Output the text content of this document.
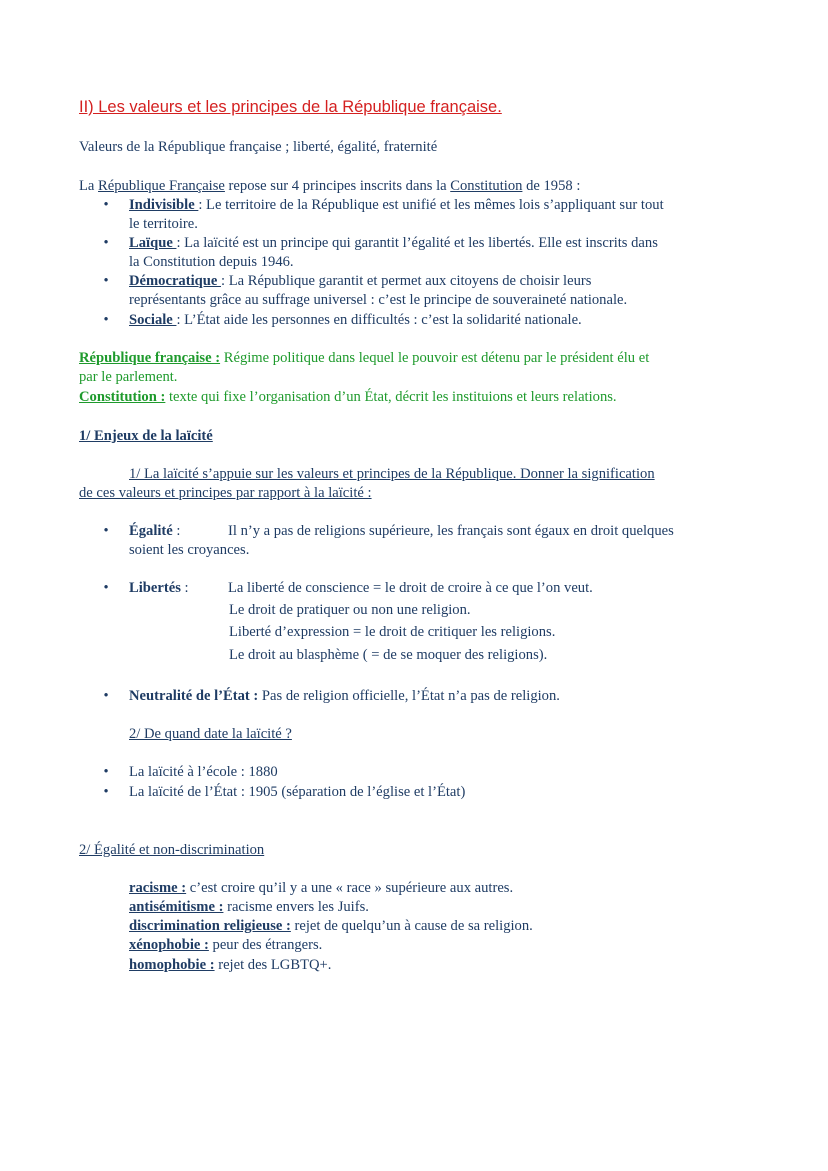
II) Les valeurs et les principes de la République française.
Valeurs de la République française ; liberté, égalité, fraternité
La République Française repose sur 4 principes inscrits dans la Constitution de 1958 :
• Indivisible : Le territoire de la République est unifié et les mêmes lois s’appliquant sur tout
le territoire.
• Laïque : La laïcité est un principe qui garantit l’égalité et les libertés. Elle est inscrits dans
la Constitution depuis 1946.
• Démocratique : La République garantit et permet aux citoyens de choisir leurs
représentants grâce au suffrage universel : c’est le principe de souveraineté nationale.
• Sociale : L’État aide les personnes en difficultés : c’est la solidarité nationale.
République française : Régime politique dans lequel le pouvoir est détenu par le président élu et
par le parlement.
Constitution : texte qui fixe l’organisation d’un État, décrit les instituions et leurs relations.
1/ Enjeux de la laïcité
1/ La laïcité s’appuie sur les valeurs et principes de la République. Donner la signification
de ces valeurs et principes par rapport à la laïcité :
• Égalité :	Il n’y a pas de religions supérieure, les français sont égaux en droit quelques
soient les croyances.
• Libertés :	La liberté de conscience = le droit de croire à ce que l’on veut.
Le droit de pratiquer ou non une religion.
Liberté d’expression = le droit de critiquer les religions.
Le droit au blasphème ( = de se moquer des religions).
• Neutralité de l’État : Pas de religion officielle, l’État n’a pas de religion.
2/ De quand date la laïcité ?
• La laïcité à l’école : 1880
• La laïcité de l’État : 1905 (séparation de l’église et l’État)
2/ Égalité et non-discrimination
racisme : c’est croire qu’il y a une « race » supérieure aux autres.
antisémitisme : racisme envers les Juifs.
discrimination religieuse : rejet de quelqu’un à cause de sa religion.
xénophobie : peur des étrangers.
homophobie : rejet des LGBTQ+.
